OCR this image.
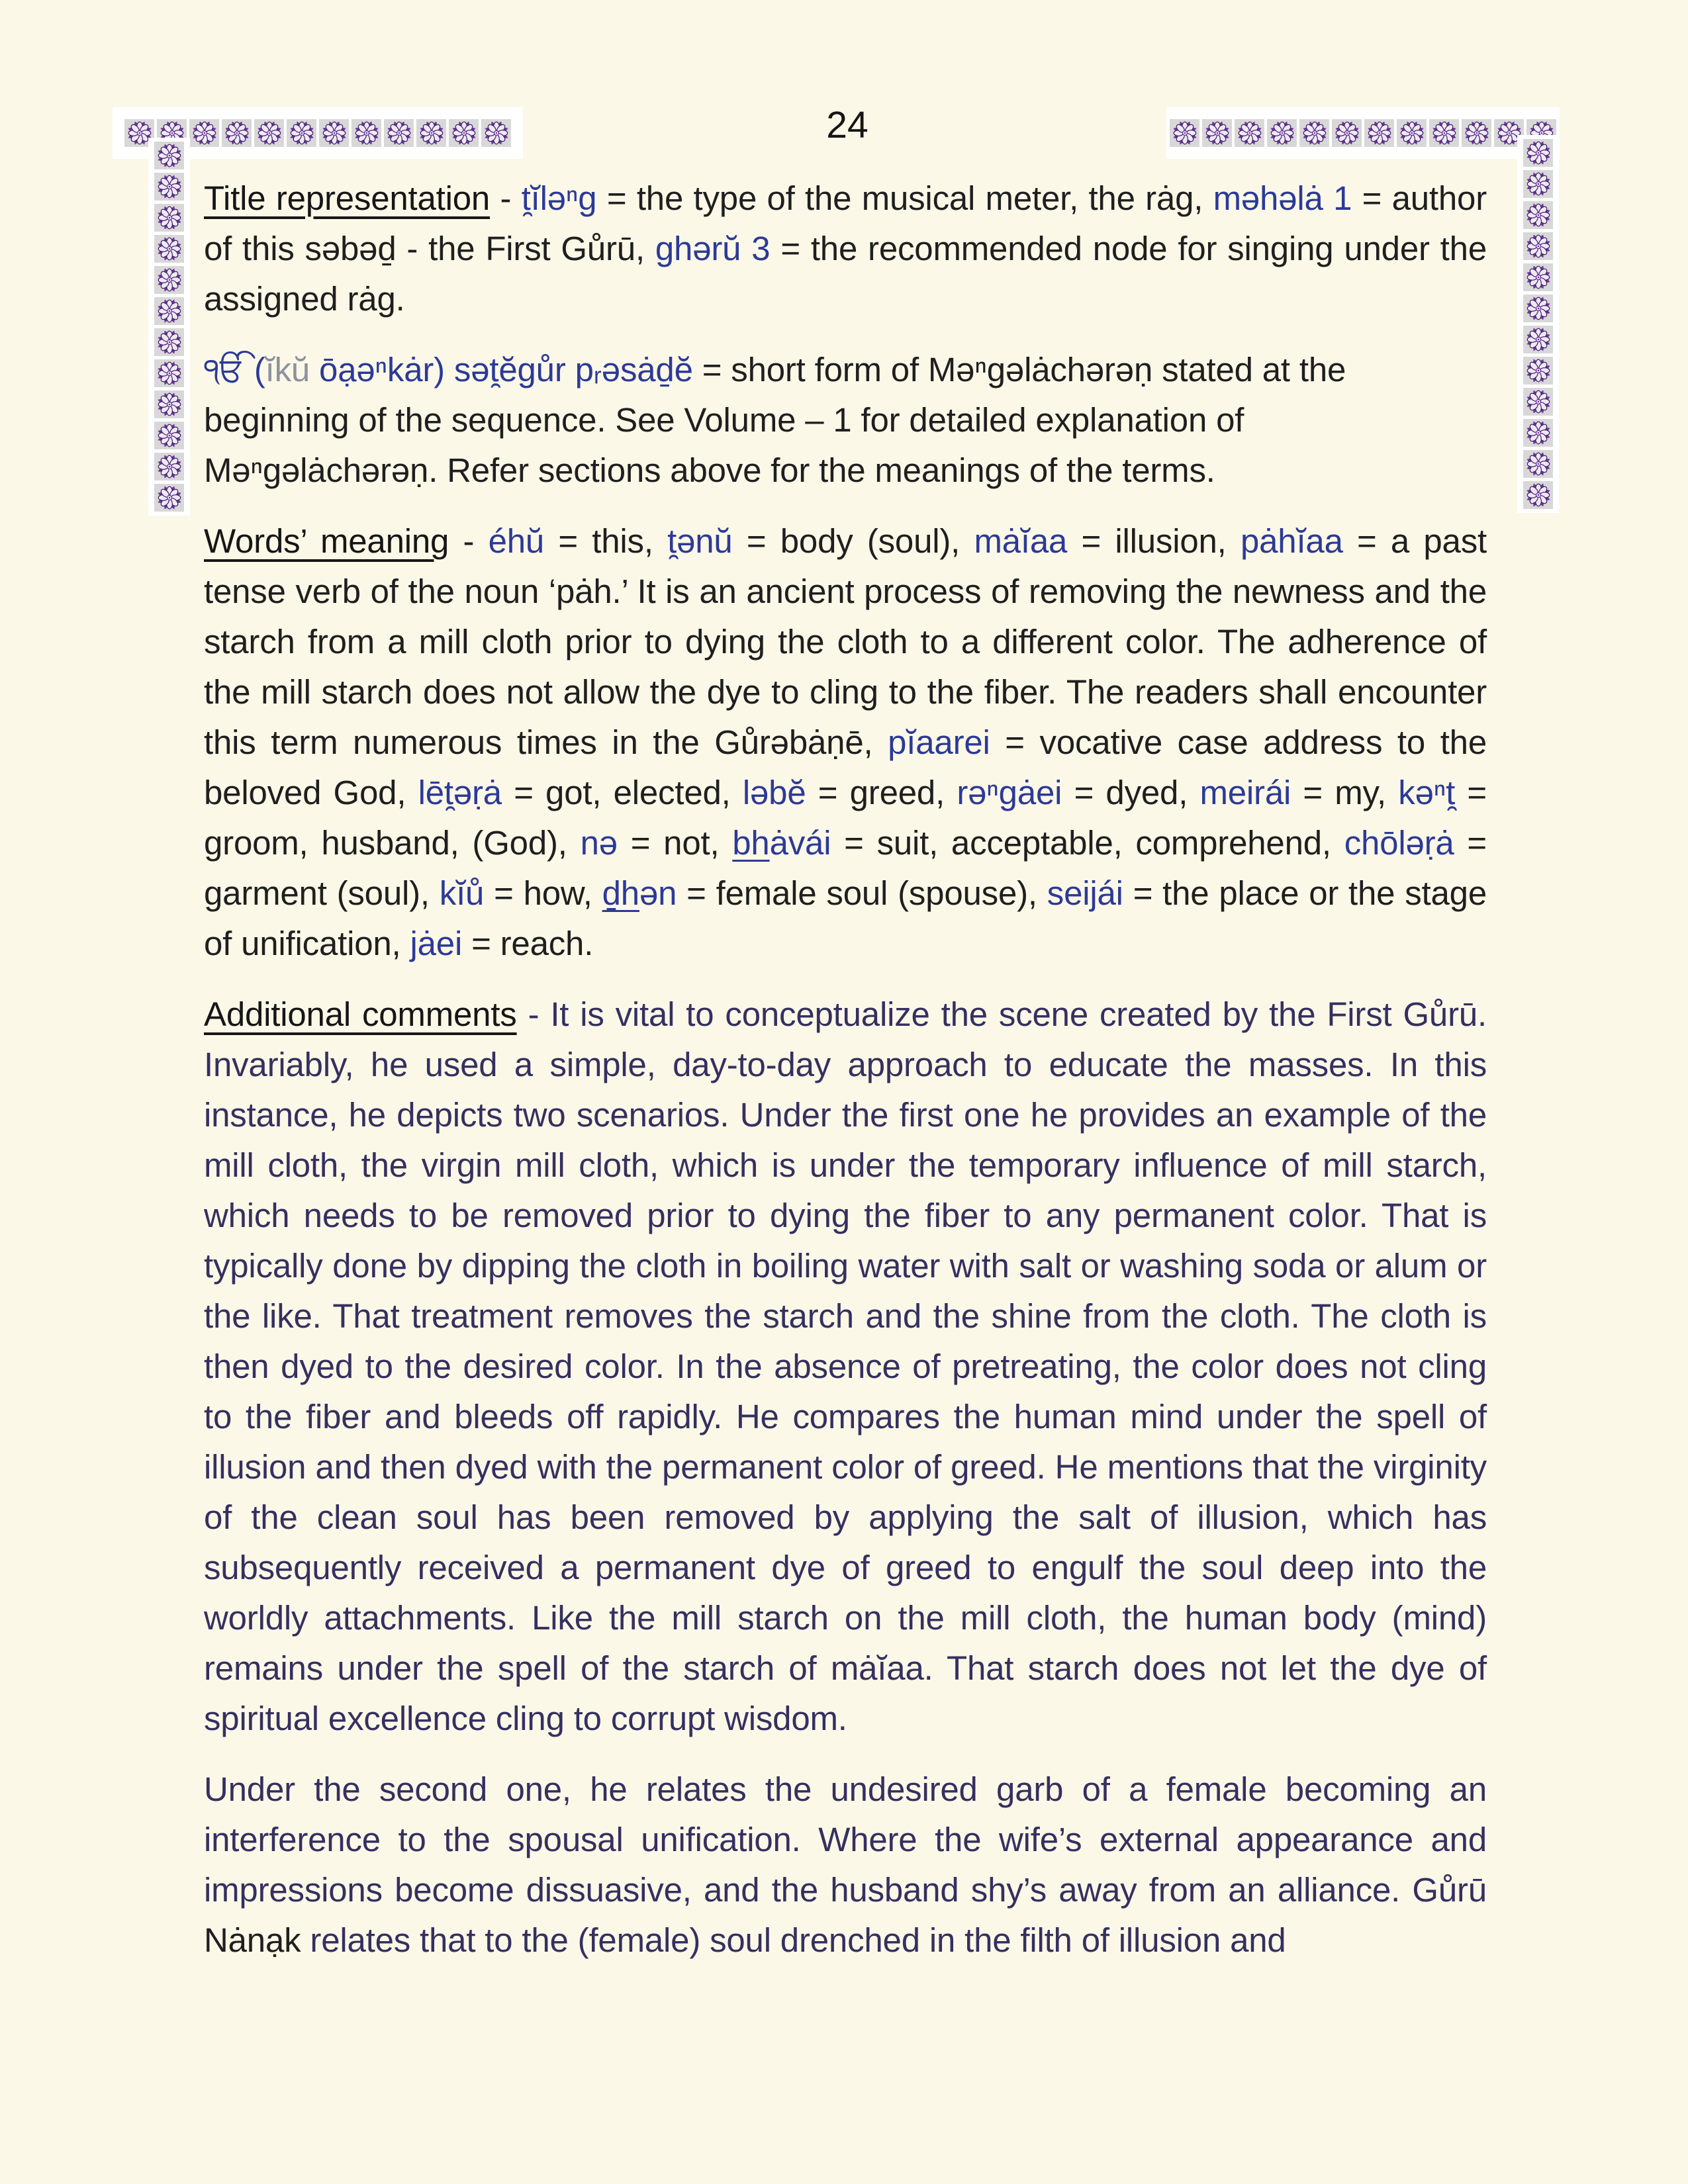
24

Title representation - t̯ĭləⁿg = the type of the musical meter, the rȧg, məhəlȧ 1 = author of this səbəḏ - the First Gůrū, ghərŭ 3 = the recommended node for singing under the assigned rȧg.

ੴ (ĭkŭ ōạəⁿkȧr) sət̯ĕgůr pᵣəsȧḏĕ = short form of Məⁿgəlȧchərəṇ stated at the beginning of the sequence. See Volume – 1 for detailed explanation of Məⁿgəlȧchərəṇ. Refer sections above for the meanings of the terms.

Words’ meaning - éhŭ = this, t̯ənŭ = body (soul), mȧĭaa = illusion, pȧhĭaa = a past tense verb of the noun ‘pȧh.’ It is an ancient process of removing the newness and the starch from a mill cloth prior to dying the cloth to a different color. The adherence of the mill starch does not allow the dye to cling to the fiber. The readers shall encounter this term numerous times in the Gůrəbȧṇē, pĭaarei = vocative case address to the beloved God, lēt̯əṛȧ = got, elected, ləbĕ = greed, rəⁿgȧei = dyed, meirái = my, kəⁿt̯ = groom, husband, (God), nə = not, bhȧvái = suit, acceptable, comprehend, chōləṛȧ = garment (soul), kĭů = how, ḏhən = female soul (spouse), seijái = the place or the stage of unification, jȧei = reach.

Additional comments - It is vital to conceptualize the scene created by the First Gůrū. Invariably, he used a simple, day-to-day approach to educate the masses. In this instance, he depicts two scenarios. Under the first one he provides an example of the mill cloth, the virgin mill cloth, which is under the temporary influence of mill starch, which needs to be removed prior to dying the fiber to any permanent color. That is typically done by dipping the cloth in boiling water with salt or washing soda or alum or the like. That treatment removes the starch and the shine from the cloth. The cloth is then dyed to the desired color. In the absence of pretreating, the color does not cling to the fiber and bleeds off rapidly. He compares the human mind under the spell of illusion and then dyed with the permanent color of greed. He mentions that the virginity of the clean soul has been removed by applying the salt of illusion, which has subsequently received a permanent dye of greed to engulf the soul deep into the worldly attachments. Like the mill starch on the mill cloth, the human body (mind) remains under the spell of the starch of mȧĭaa. That starch does not let the dye of spiritual excellence cling to corrupt wisdom.

Under the second one, he relates the undesired garb of a female becoming an interference to the spousal unification. Where the wife’s external appearance and impressions become dissuasive, and the husband shy’s away from an alliance. Gůrū Nȧnạk relates that to the (female) soul drenched in the filth of illusion and
